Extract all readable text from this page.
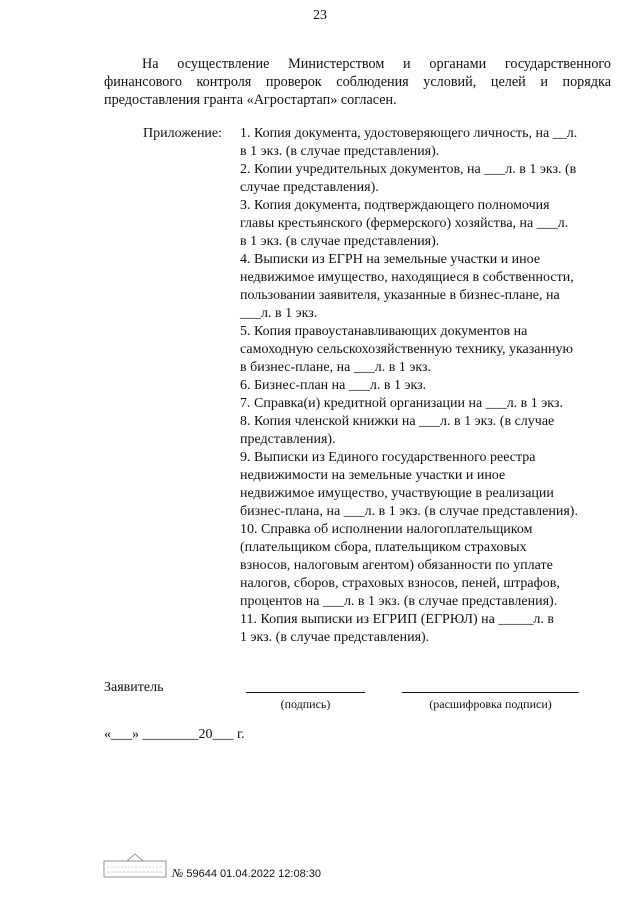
23

На осуществление Министерством и органами государственного финансового контроля проверок соблюдения условий, целей и порядка предоставления гранта «Агростартап» согласен.

Приложение: 1. Копия документа, удостоверяющего личность, на __л.
в 1 экз. (в случае представления).
2. Копии учредительных документов, на ___л. в 1 экз. (в
случае представления).
3. Копия документа, подтверждающего полномочия
главы крестьянского (фермерского) хозяйства, на ___л.
в 1 экз. (в случае представления).
4. Выписки из ЕГРН на земельные участки и иное
недвижимое имущество, находящиеся в собственности,
пользовании заявителя, указанные в бизнес-плане, на
___л. в 1 экз.
5. Копия правоустанавливающих документов на
самоходную сельскохозяйственную технику, указанную
в бизнес-плане, на ___л. в 1 экз.
6. Бизнес-план на ___л. в 1 экз.
7. Справка(и) кредитной организации на ___л. в 1 экз.
8. Копия членской книжки на ___л. в 1 экз. (в случае
представления).
9. Выписки из Единого государственного реестра
недвижимости на земельные участки и иное
недвижимое имущество, участвующие в реализации
бизнес-плана, на ___л. в 1 экз. (в случае представления).
10. Справка об исполнении налогоплательщиком
(плательщиком сбора, плательщиком страховых
взносов, налоговым агентом) обязанности по уплате
налогов, сборов, страховых взносов, пеней, штрафов,
процентов на ___л. в 1 экз. (в случае представления).
11. Копия выписки из ЕГРИП (ЕГРЮЛ) на _____л. в
1 экз. (в случае представления).
Заявитель
(подпись)	(расшифровка подписи)
«___» ________20___ г.
№ 59644 01.04.2022 12:08:30
